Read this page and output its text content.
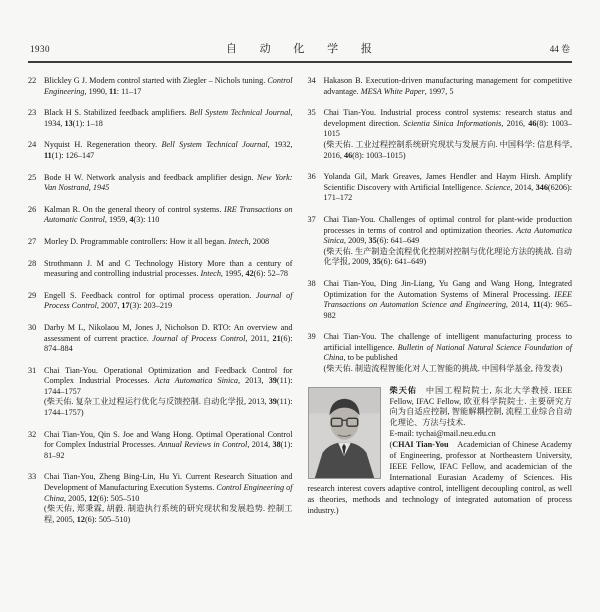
1930	自 动 化 学 报	44 卷
22 Blickley G J. Modern control started with Ziegler – Nichols tuning. Control Engineering, 1990, 11: 11–17
23 Black H S. Stabilized feedback amplifiers. Bell System Technical Journal, 1934, 13(1): 1–18
24 Nyquist H. Regeneration theory. Bell System Technical Journal, 1932, 11(1): 126–147
25 Bode H W. Network analysis and feedback amplifier design. New York: Van Nostrand, 1945
26 Kalman R. On the general theory of control systems. IRE Transactions on Automatic Control, 1959, 4(3): 110
27 Morley D. Programmable controllers: How it all began. Intech, 2008
28 Strothmann J. M and C Technology History More than a century of measuring and controlling industrial processes. Intech, 1995, 42(6): 52–78
29 Engell S. Feedback control for optimal process operation. Journal of Process Control, 2007, 17(3): 203–219
30 Darby M L, Nikolaou M, Jones J, Nicholson D. RTO: An overview and assessment of current practice. Journal of Process Control, 2011, 21(6): 874–884
31 Chai Tian-You. Operational Optimization and Feedback Control for Complex Industrial Processes. Acta Automatica Sinica, 2013, 39(11): 1744–1757
(柴天佑. 复杂工业过程运行优化与反馈控制. 自动化学报, 2013, 39(11): 1744–1757)
32 Chai Tian-You, Qin S. Joe and Wang Hong. Optimal Operational Control for Complex Industrial Processes. Annual Reviews in Control, 2014, 38(1): 81–92
33 Chai Tian-You, Zheng Bing-Lin, Hu Yi. Current Research Situation and Development of Manufacturing Execution Systems. Control Engineering of China, 2005, 12(6): 505–510
(柴天佑, 郑秉霖, 胡毅. 制造执行系统的研究现状和发展趋势. 控制工程, 2005, 12(6): 505–510)
34 Hakason B. Execution-driven manufacturing management for competitive advantage. MESA White Paper, 1997, 5
35 Chai Tian-You. Industrial process control systems: research status and development direction. Scientia Sinica Informationis, 2016, 46(8): 1003–1015
(柴天佑. 工业过程控制系统研究现状与发展方向. 中国科学: 信息科学, 2016, 46(8): 1003–1015)
36 Yolanda Gil, Mark Greaves, James Hendler and Haym Hirsh. Amplify Scientific Discovery with Artificial Intelligence. Science, 2014, 346(6206): 171–172
37 Chai Tian-You. Challenges of optimal control for plant-wide production processes in terms of control and optimization theories. Acta Automatica Sinica, 2009, 35(6): 641–649
(柴天佑. 生产制造全流程优化控制对控制与优化理论方法的挑战. 自动化学报, 2009, 35(6): 641–649)
38 Chai Tian-You, Ding Jin-Liang, Yu Gang and Wang Hong, Integrated Optimization for the Automation Systems of Mineral Processing. IEEE Transactions on Automation Science and Engineering, 2014, 11(4): 965–982
39 Chai Tian-You. The challenge of intelligent manufacturing process to artificial intelligence. Bulletin of National Natural Science Foundation of China, to be published
(柴天佑. 制造流程智能化对人工智能的挑战. 中国科学基金, 待发表)
柴天佑　中国工程院院士, 东北大学教授. IEEE Fellow, IFAC Fellow, 欧亚科学院院士. 主要研究方向为自适应控制, 智能解耦控制, 流程工业综合自动化理论、方法与技术.
E-mail: tychai@mail.neu.edu.cn
(CHAI Tian-You　Academician of Chinese Academy of Engineering, professor at Northeastern University, IEEE Fellow, IFAC Fellow, and academician of the International Eurasian Academy of Sciences. His research interest covers adaptive control, intelligent decoupling control, as well as theories, methods and technology of integrated automation of process industry.)
